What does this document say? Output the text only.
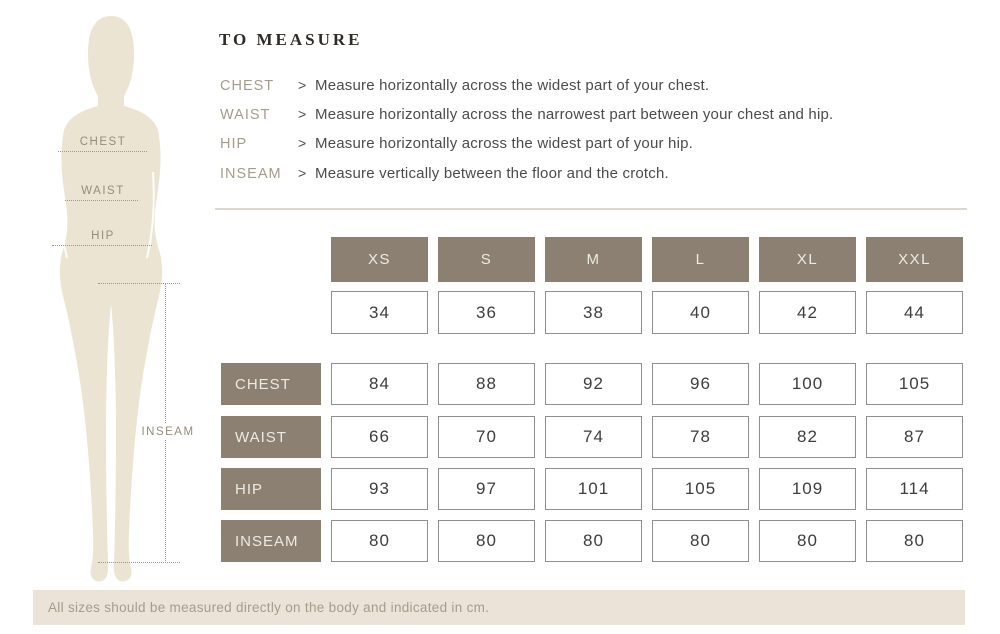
CHEST
WAIST
HIP
INSEAM
TO MEASURE
CHEST	> Measure horizontally across the widest part of your chest.
WAIST	> Measure horizontally across the narrowest part between your chest and hip.
HIP	> Measure horizontally across the widest part of your hip.
INSEAM	> Measure vertically between the floor and the crotch.
XS	S	M	L	XL	XXL
34	36	38	40	42	44
CHEST	84	88	92	96	100	105
WAIST	66	70	74	78	82	87
HIP	93	97	101	105	109	114
INSEAM	80	80	80	80	80	80
All sizes should be measured directly on the body and indicated in cm.
